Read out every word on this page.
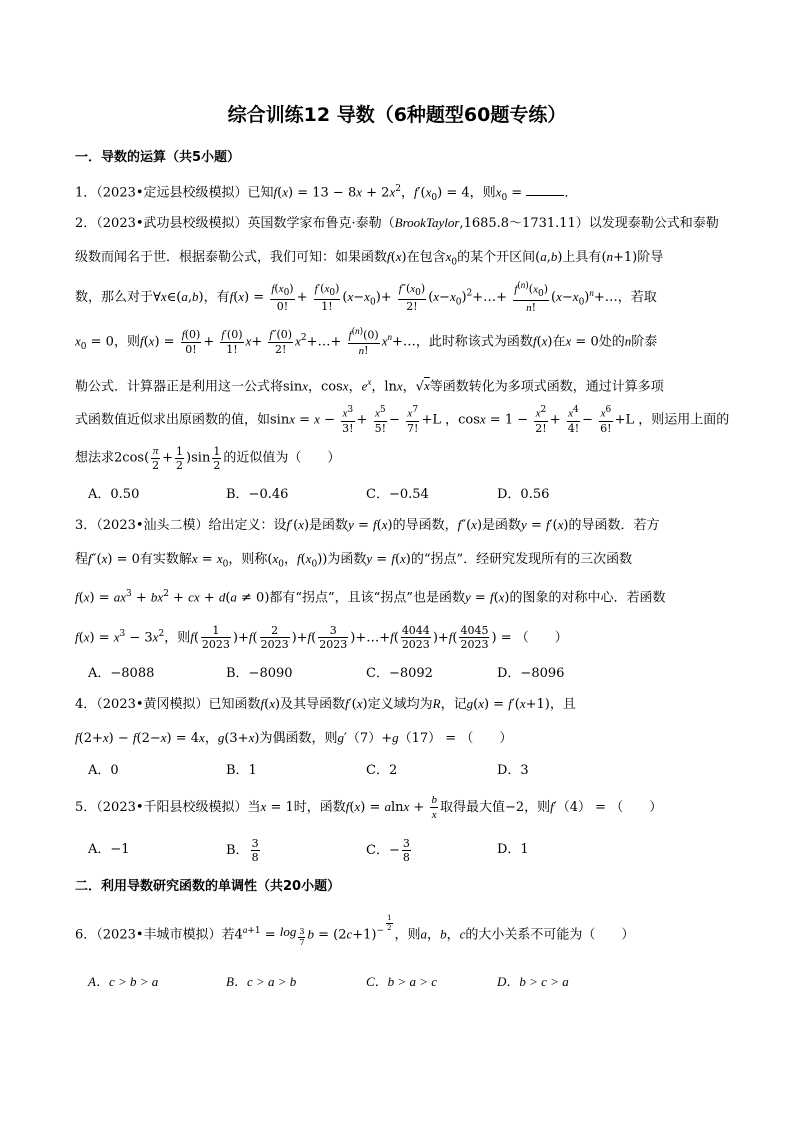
综合训练12 导数（6种题型60题专练）
一．导数的运算（共5小题）
1．（2023•定远县校级模拟）已知$f(x) = 13 - 8x + 2x^2$，$f'(x_0) = 4$，则$x_0$ =	．
2．（2023•武功县校级模拟）英国数学家布鲁克·泰勒（BrookTaylor,1685.8～1731.11）以发现泰勒公式和泰勒
级数而闻名于世．根据泰勒公式，我们可知：如果函数f(x)在包含$x_0$的某个开区间(a,b)上具有(n+1)阶导
数，那么对于∀x∈(a,b)，有$f(x) = \frac{f(x_0)}{0!} + \frac{f'(x_0)}{1!} (x-x_0)+ \frac{f''(x_0)}{2!}$ $(x-x_0)^2+\dots+ \frac{f^{(n)}(x_0)}{n!}$ $(x-x_0)^n+\dots$，若取
$x_0 = 0$，则$f(x) = \frac{f(0)}{0!} + \frac{f'(0)}{1!} x+ \frac{f''(0)}{2!}$ $x^2+\dots+ \frac{f^{(n)}(0)}{n!}$ $x^n+\dots$，此时称该式为函数f(x)在x = 0处的n阶泰
勒公式．计算器正是利用这一公式将sinx，cosx，$e^x$，lnx，√x等函数转化为多项式函数，通过计算多项
式函数值近似求出原函数的值，如$\sin x = x - \frac{x^3}{3!} + \frac{x^5}{5!} - \frac{x^7}{7!} +L$ ，$\cos x = 1 - \frac{x^2}{2!} + \frac{x^4}{4!} - \frac{x^6}{6!} +L$ ，则运用上面的
想法求$2\cos( \frac{\pi}{2} + \frac{1}{2} )\sin \frac{1}{2}$ 的近似值为（　　）
A．0.50	B．−0.46	C．−0.54	D．0.56
3．（2023•汕头二模）给出定义：设f′(x)是函数y = f(x)的导函数，f″(x)是函数y = f′(x)的导函数．若方
程f″(x) = 0有实数解$x = x_0$，则称($x_0$，$f(x_0)$)为函数y = f(x)的“拐点”．经研究发现所有的三次函数
$f(x) = ax^3 + bx^2$ + cx + d(a ≠ 0)都有“拐点”，且该“拐点”也是函数y = f(x)的图象的对称中心．若函数
$f(x) = x^3 - 3x^2$，则$f( \frac{1}{2023} )+f( \frac{2}{2023} )+f( \frac{3}{2023}$ )+…+f( $\frac{4044}{2023} )+f( \frac{4045}{2023}$ ) = （　　）
A．−8088	B．−8090	C．−8092	D．−8096
4．（2023•黄冈模拟）已知函数f(x)及其导函数f′(x)定义域均为R，记g(x) = f′(x+1)，且
f(2+x) − f(2−x) = 4x，g(3+x)为偶函数，则g′（7）+g（17） = （　　）
A．0	B．1	C．2	D．3
5．（2023•千阳县校级模拟）当x = 1时，函数$f(x) = alnx + \frac{b}{x}$ 取得最大值−2，则f′（4） = （　　）
A．−1	B． $\frac{3}{8}$	C．− $\frac{3}{8}$	D．1
二．利用导数研究函数的单调性（共20小题）
6．（2023•丰城市模拟）若$4^{a+1} = \log _{\frac{3}{7}}$ $b = (2c+1)^{- \frac{1}{2}}$
，则a，b，c的大小关系不可能为（　　）
A．c > b > a	B．c > a > b	C．b > a > c	D．b > c > a
